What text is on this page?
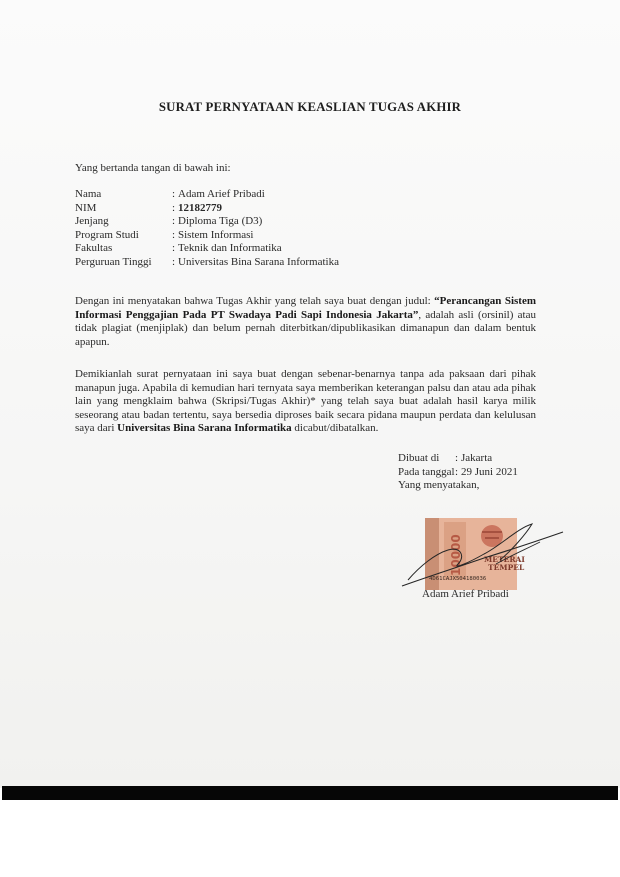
SURAT PERNYATAAN KEASLIAN TUGAS AKHIR
Yang bertanda tangan di bawah ini:
Nama	: Adam Arief Pribadi
NIM	: 12182779
Jenjang	: Diploma Tiga (D3)
Program Studi	: Sistem Informasi
Fakultas	: Teknik dan Informatika
Perguruan Tinggi	: Universitas Bina Sarana Informatika
Dengan ini menyatakan bahwa Tugas Akhir yang telah saya buat dengan judul: “Perancangan Sistem Informasi Penggajian Pada PT Swadaya Padi Sapi Indonesia Jakarta”, adalah asli (orsinil) atau tidak plagiat (menjiplak) dan belum pernah diterbitkan/dipublikasikan dimanapun dan dalam bentuk apapun.
Demikianlah surat pernyataan ini saya buat dengan sebenar-benarnya tanpa ada paksaan dari pihak manapun juga. Apabila di kemudian hari ternyata saya memberikan keterangan palsu dan atau ada pihak lain yang mengklaim bahwa (Skripsi/Tugas Akhir)* yang telah saya buat adalah hasil karya milik seseorang atau badan tertentu, saya bersedia diproses baik secara pidana maupun perdata dan kelulusan saya dari Universitas Bina Sarana Informatika dicabut/dibatalkan.
Dibuat di	: Jakarta
Pada tanggal : 29 Juni 2021
Yang menyatakan,
10000	METERAI
TEMPEL
4D61CAJX504180036
Adam Arief Pribadi
